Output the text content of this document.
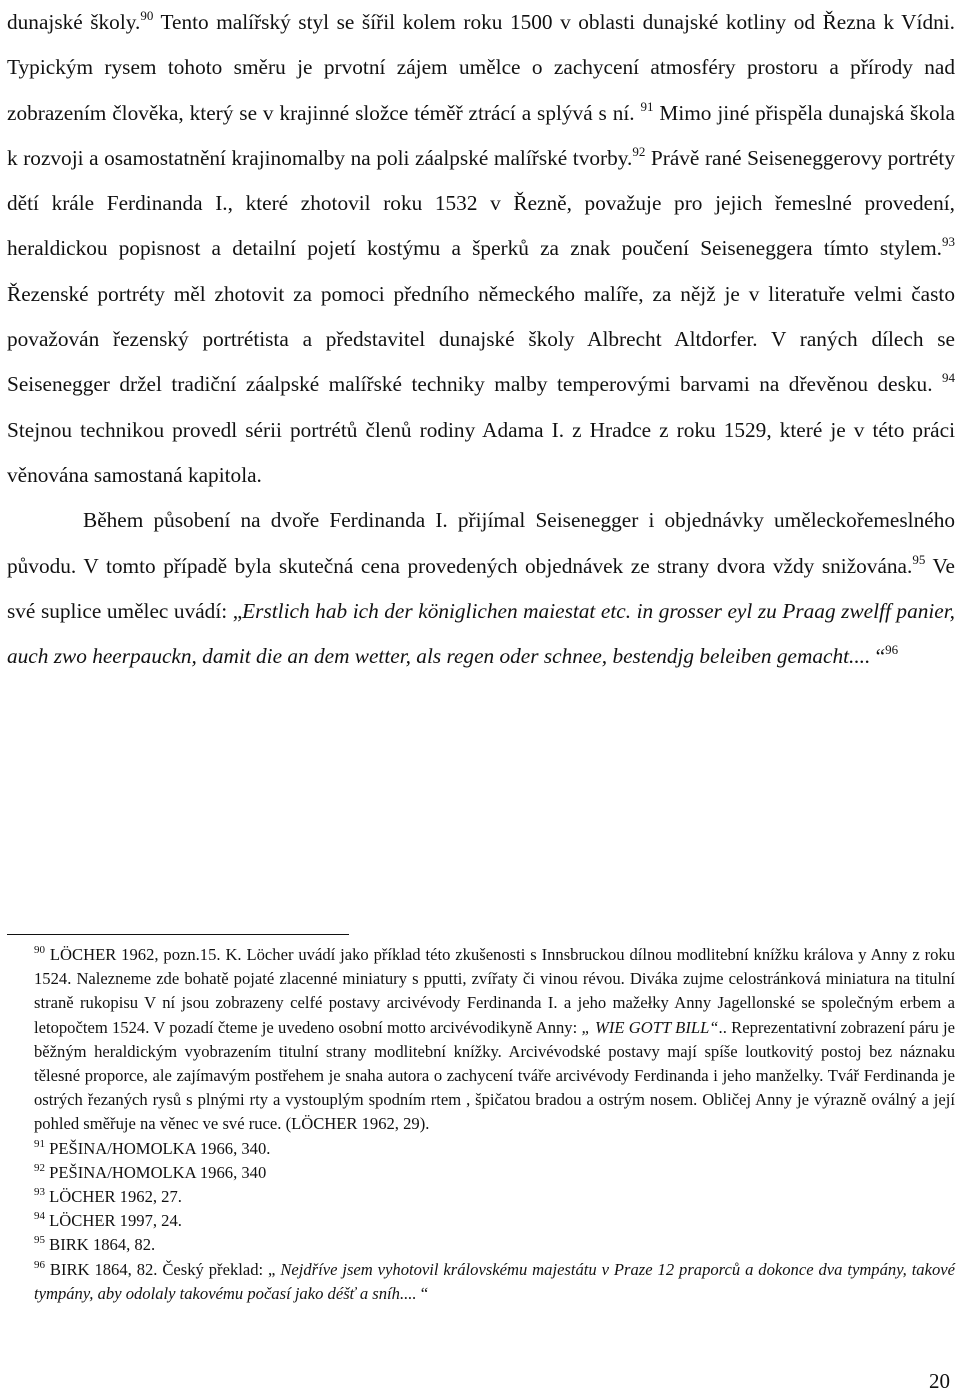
dunajské školy.$^{90}$ Tento malířský styl se šířil kolem roku 1500 v oblasti dunajské kotliny od Řezna k Vídni. Typickým rysem tohoto směru je prvotní zájem umělce o zachycení atmosféry prostoru a přírody nad zobrazením člověka, který se v krajinné složce téměř ztrácí a splývá s ní. $^{91}$ Mimo jiné přispěla dunajská škola k rozvoji a osamostatnění krajinomalby na poli záalpské malířské tvorby.$^{92}$ Právě rané Seiseneggerovy portréty dětí krále Ferdinanda I., které zhotovil roku 1532 v Řezně, považuje pro jejich řemeslné provedení, heraldickou popisnost a detailní pojetí kostýmu a šperků za znak poučení Seiseneggera tímto stylem.$^{93}$ Řezenské portréty měl zhotovit za pomoci předního německého malíře, za nějž je v literatuře velmi často považován řezenský portrétista a představitel dunajské školy Albrecht Altdorfer. V raných dílech se Seisenegger držel tradiční záalpské malířské techniky malby temperovými barvami na dřevěnou desku. $^{94}$ Stejnou technikou provedl sérii portrétů členů rodiny Adama I. z Hradce z roku 1529, které je v této práci věnována samostaná kapitola.

Během působení na dvoře Ferdinanda I. přijímal Seisenegger i objednávky uměleckořemeslného původu. V tomto případě byla skutečná cena provedených objednávek ze strany dvora vždy snižována.$^{95}$ Ve své suplice umělec uvádí: „Erstlich hab ich der königlichen maiestat etc. in grosser eyl zu Praag zwelff panier, auch zwo heerpauckn, damit die an dem wetter, als regen oder schnee, bestendjg beleiben gemacht.... “$^{96}$

$^{90}$ LÖCHER 1962, pozn.15. K. Löcher uvádí jako příklad této zkušenosti s Innsbruckou dílnou modlitební knížku králova y Anny z roku 1524. Nalezneme zde bohatě pojaté zlacenné miniatury s pputti, zvířaty či vinou révou. Diváka zujme celostránková miniatura na titulní straně rukopisu V ní jsou zobrazeny celfé postavy arcivévody Ferdinanda I. a jeho mažełky Anny Jagellonské se společným erbem a letopočtem 1524. V pozadí čteme je uvedeno osobní motto arcivévodikyně Anny: „ WIE GOTT BILL“.. Reprezentativní zobrazení páru je běžným heraldickým vyobrazením titulní strany modlitební knížky. Arcivévodské postavy mají spíše loutkovitý postoj bez náznaku tělesné proporce, ale zajímavým postřehem je snaha autora o zachycení tváře arcivévody Ferdinanda i jeho manželky. Tvář Ferdinanda je ostrých řezaných rysů s plnými rty a vystouplým spodním rtem , špičatou bradou a ostrým nosem. Obličej Anny je výrazně oválný a její pohled směřuje na věnec ve své ruce. (LÖCHER 1962, 29).

$^{91}$ PEŠINA/HOMOLKA 1966, 340.

$^{92}$ PEŠINA/HOMOLKA 1966, 340

$^{93}$ LÖCHER 1962, 27.

$^{94}$ LÖCHER 1997, 24.

$^{95}$ BIRK 1864, 82.

$^{96}$ BIRK 1864, 82. Český překlad: „ Nejdříve jsem vyhotovil královskému majestátu v Praze 12 praporců a dokonce dva tympány, takové tympány, aby odolaly takovému počasí jako déšť a sníh.... “

20
